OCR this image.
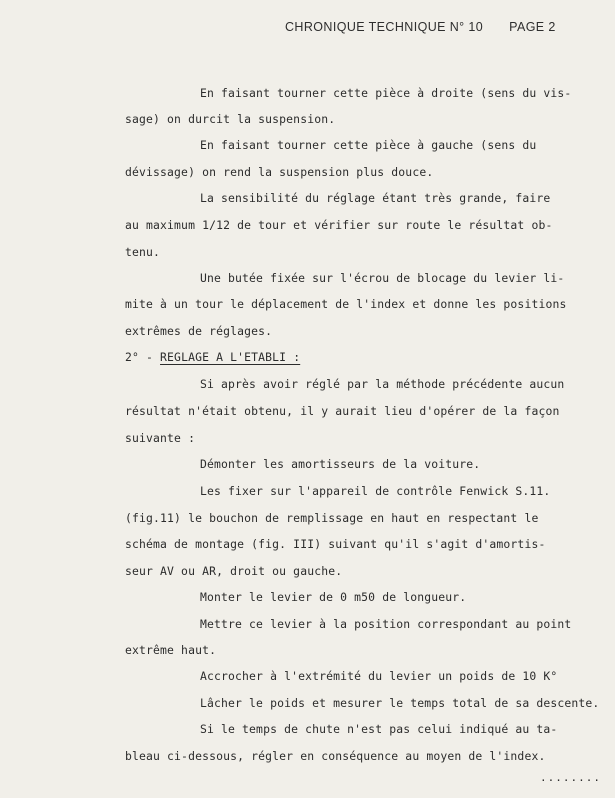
CHRONIQUE TECHNIQUE N° 10 PAGE 2
En faisant tourner cette pièce à droite (sens du vis-
sage) on durcit la suspension.
En faisant tourner cette pièce à gauche (sens du
dévissage) on rend la suspension plus douce.
La sensibilité du réglage étant très grande, faire
au maximum 1/12 de tour et vérifier sur route le résultat ob-
tenu.
Une butée fixée sur l'écrou de blocage du levier li-
mite à un tour le déplacement de l'index et donne les positions
extrêmes de réglages.
2° - REGLAGE A L'ETABLI :
Si après avoir réglé par la méthode précédente aucun
résultat n'était obtenu, il y aurait lieu d'opérer de la façon
suivante :
Démonter les amortisseurs de la voiture.
Les fixer sur l'appareil de contrôle Fenwick S.11.
(fig.11) le bouchon de remplissage en haut en respectant le
schéma de montage (fig. III) suivant qu'il s'agit d'amortis-
seur AV ou AR, droit ou gauche.
Monter le levier de 0 m50 de longueur.
Mettre ce levier à la position correspondant au point
extrême haut.
Accrocher à l'extrémité du levier un poids de 10 K°
Lâcher le poids et mesurer le temps total de sa descente.
Si le temps de chute n'est pas celui indiqué au ta-
bleau ci-dessous, régler en conséquence au moyen de l'index.
........
